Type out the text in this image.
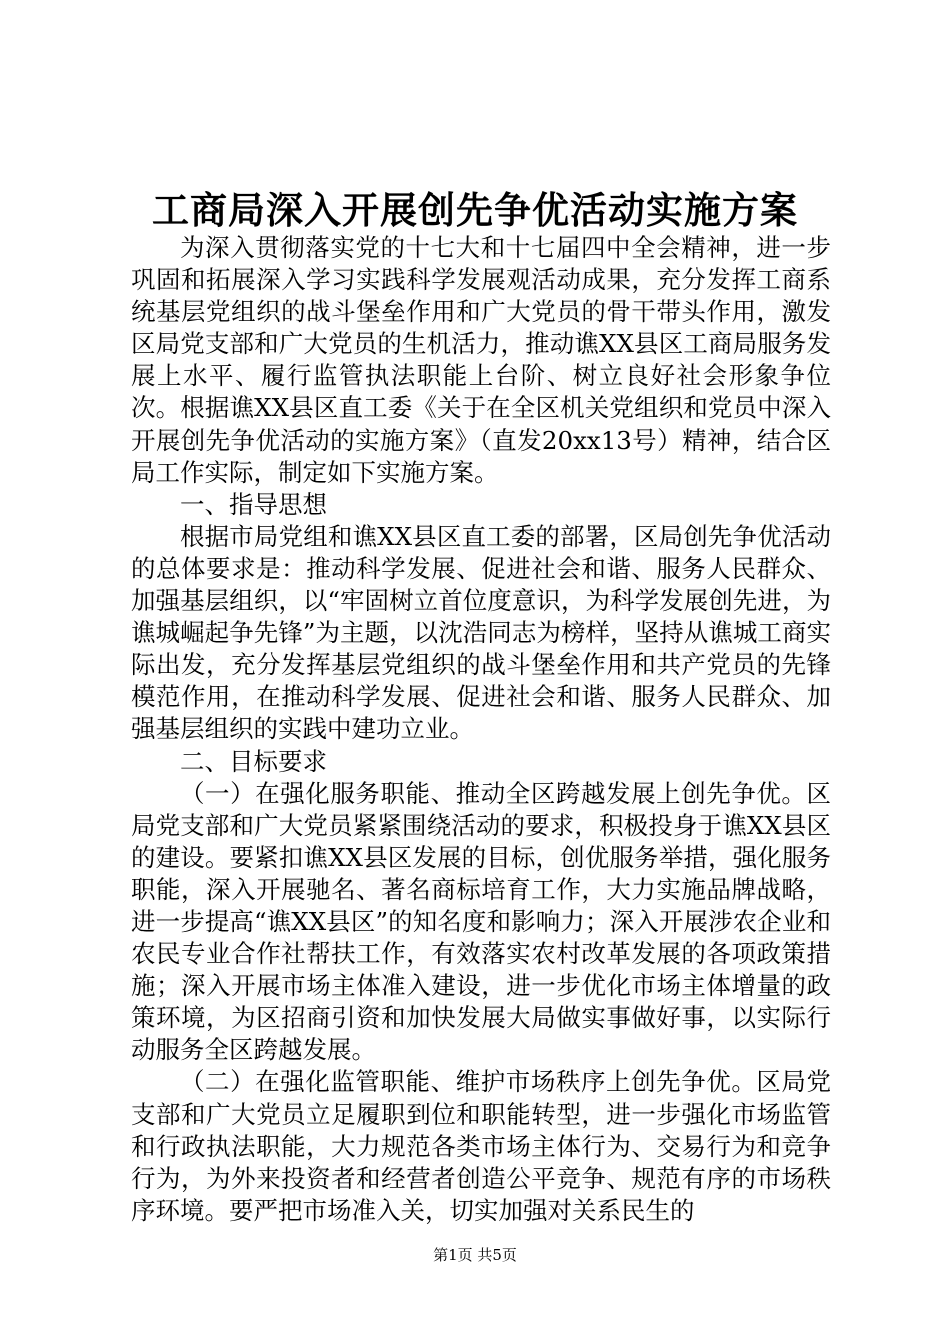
工商局深入开展创先争优活动实施方案

为深入贯彻落实党的十七大和十七届四中全会精神，进一步巩固和拓展深入学习实践科学发展观活动成果，充分发挥工商系统基层党组织的战斗堡垒作用和广大党员的骨干带头作用，激发区局党支部和广大党员的生机活力，推动谯XX县区工商局服务发展上水平、履行监管执法职能上台阶、树立良好社会形象争位次。根据谯XX县区直工委《关于在全区机关党组织和党员中深入开展创先争优活动的实施方案》（直发20xx13号）精神，结合区局工作实际，制定如下实施方案。

一、指导思想

根据市局党组和谯XX县区直工委的部署，区局创先争优活动的总体要求是：推动科学发展、促进社会和谐、服务人民群众、加强基层组织，以“牢固树立首位度意识，为科学发展创先进，为谯城崛起争先锋”为主题，以沈浩同志为榜样，坚持从谯城工商实际出发，充分发挥基层党组织的战斗堡垒作用和共产党员的先锋模范作用，在推动科学发展、促进社会和谐、服务人民群众、加强基层组织的实践中建功立业。

二、目标要求

（一）在强化服务职能、推动全区跨越发展上创先争优。区局党支部和广大党员紧紧围绕活动的要求，积极投身于谯XX县区的建设。要紧扣谯XX县区发展的目标，创优服务举措，强化服务职能，深入开展驰名、著名商标培育工作，大力实施品牌战略，进一步提高“谯XX县区”的知名度和影响力；深入开展涉农企业和农民专业合作社帮扶工作，有效落实农村改革发展的各项政策措施；深入开展市场主体准入建设，进一步优化市场主体增量的政策环境，为区招商引资和加快发展大局做实事做好事，以实际行动服务全区跨越发展。

（二）在强化监管职能、维护市场秩序上创先争优。区局党支部和广大党员立足履职到位和职能转型，进一步强化市场监管和行政执法职能，大力规范各类市场主体行为、交易行为和竞争行为，为外来投资者和经营者创造公平竞争、规范有序的市场秩序环境。要严把市场准入关，切实加强对关系民生的

第1页 共5页
